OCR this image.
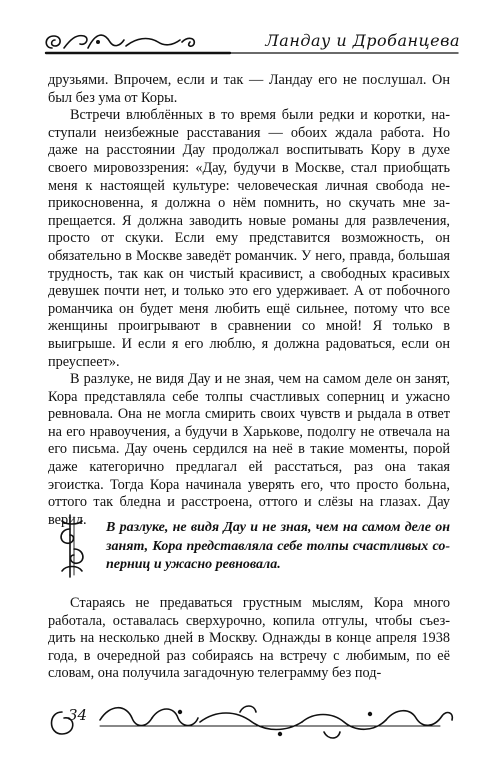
Ландау и Дробанцева

друзьями. Впрочем, если и так — Ландау его не послушал. Он был без ума от Коры.

Встречи влюблённых в то время были редки и коротки, наступали неизбежные расставания — обоих ждала работа. Но даже на расстоянии Дау продолжал воспитывать Кору в духе своего мировоззрения: «Дау, будучи в Москве, стал приобщать меня к настоящей культуре: человеческая личная свобода неприкосновенна, я должна о нём помнить, но скучать мне запрещается. Я должна заводить новые романы для развлечения, просто от скуки. Если ему представится возможность, он обязательно в Москве заведёт романчик. У него, правда, большая трудность, так как он чистый красивист, а свободных красивых девушек почти нет, и только это его удерживает. А от побочного романчика он будет меня любить ещё сильнее, потому что все женщины проигрывают в сравнении со мной! Я только в выигрыше. И если я его люблю, я должна радоваться, если он преуспеет».

В разлуке, не видя Дау и не зная, чем на самом деле он занят, Кора представляла себе толпы счастливых соперниц и ужасно ревновала. Она не могла смирить своих чувств и рыдала в ответ на его нравоучения, а будучи в Харькове, подолгу не отвечала на его письма. Дау очень сердился на неё в такие моменты, порой даже категорично предлагал ей расстаться, раз она такая эгоистка. Тогда Кора начинала уверять его, что просто больна, оттого так бледна и расстроена, оттого и слёзы на глазах. Дау верил.	В разлуке, не видя Дау и не зная, чем на самом деле он занят, Кора представляла себе толпы счастливых соперниц и ужасно ревновала.

Стараясь не предаваться грустным мыслям, Кора много работала, оставалась сверхурочно, копила отгулы, чтобы съездить на несколько дней в Москву. Однажды в конце апреля 1938 года, в очередной раз собираясь на встречу с любимым, по её словам, она получила загадочную телеграмму без под-

34
